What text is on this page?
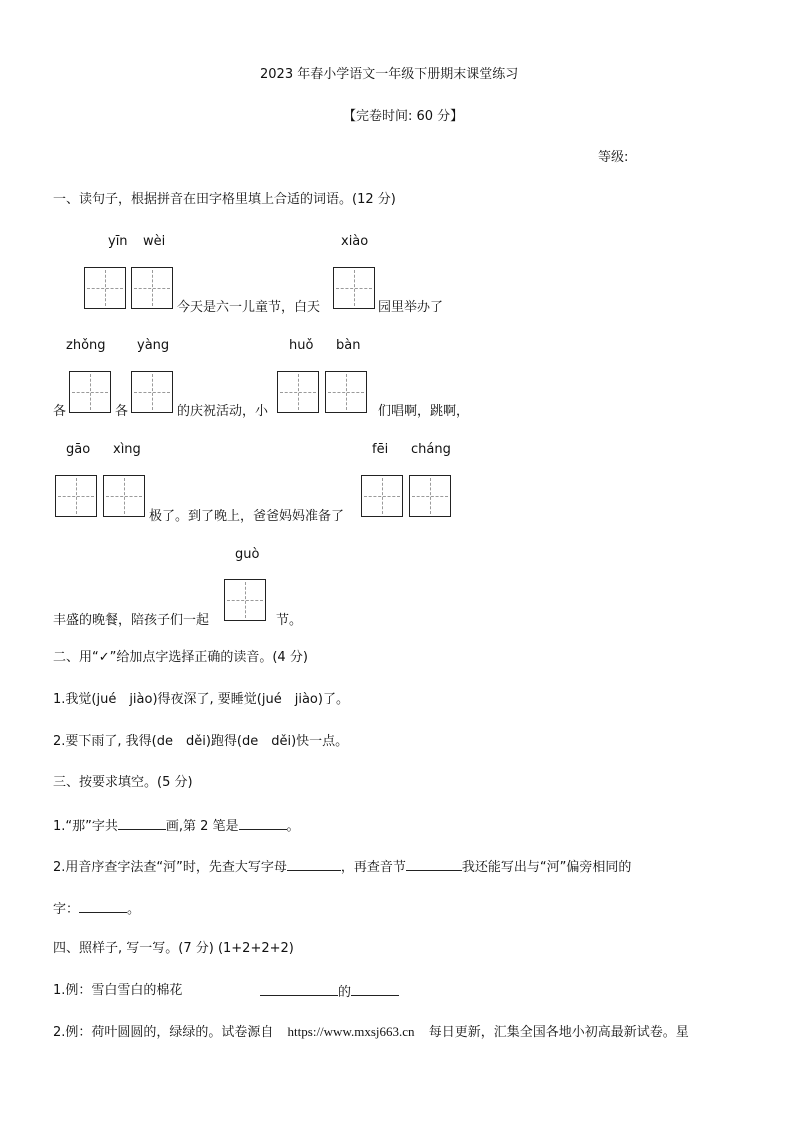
2023 年春小学语文一年级下册期末课堂练习
【完卷时间: 60 分】
等级:
一、读句子，根据拼音在田字格里填上合适的词语。(12 分)
yīn wèi	xiào
今天是六一儿童节，白天	园里举办了
zhǒng yàng	huǒ bàn
各	各	的庆祝活动，小	们唱啊，跳啊，
gāo xìng	fēi cháng
极了。到了晚上，爸爸妈妈准备了
guò
丰盛的晚餐，陪孩子们一起	节。
二、用“✓”给加点字选择正确的读音。(4 分)
1.我觉(jué　jiào)得夜深了, 要睡觉(jué　jiào)了。
2.要下雨了, 我得(de　děi)跑得(de　děi)快一点。
三、按要求填空。(5 分)
1.“那”字共	画,第 2 笔是	。
2.用音序查字法查“河”时，先查大写字母	，再查音节	我还能写出与“河”偏旁相同的
字：	。
四、照样子, 写一写。(7 分) (1+2+2+2)
1.例：雪白雪白的棉花	的
2.例：荷叶圆圆的，绿绿的。试卷源自 https://www.mxsj663.cn 每日更新，汇集全国各地小初高最新试卷。星
